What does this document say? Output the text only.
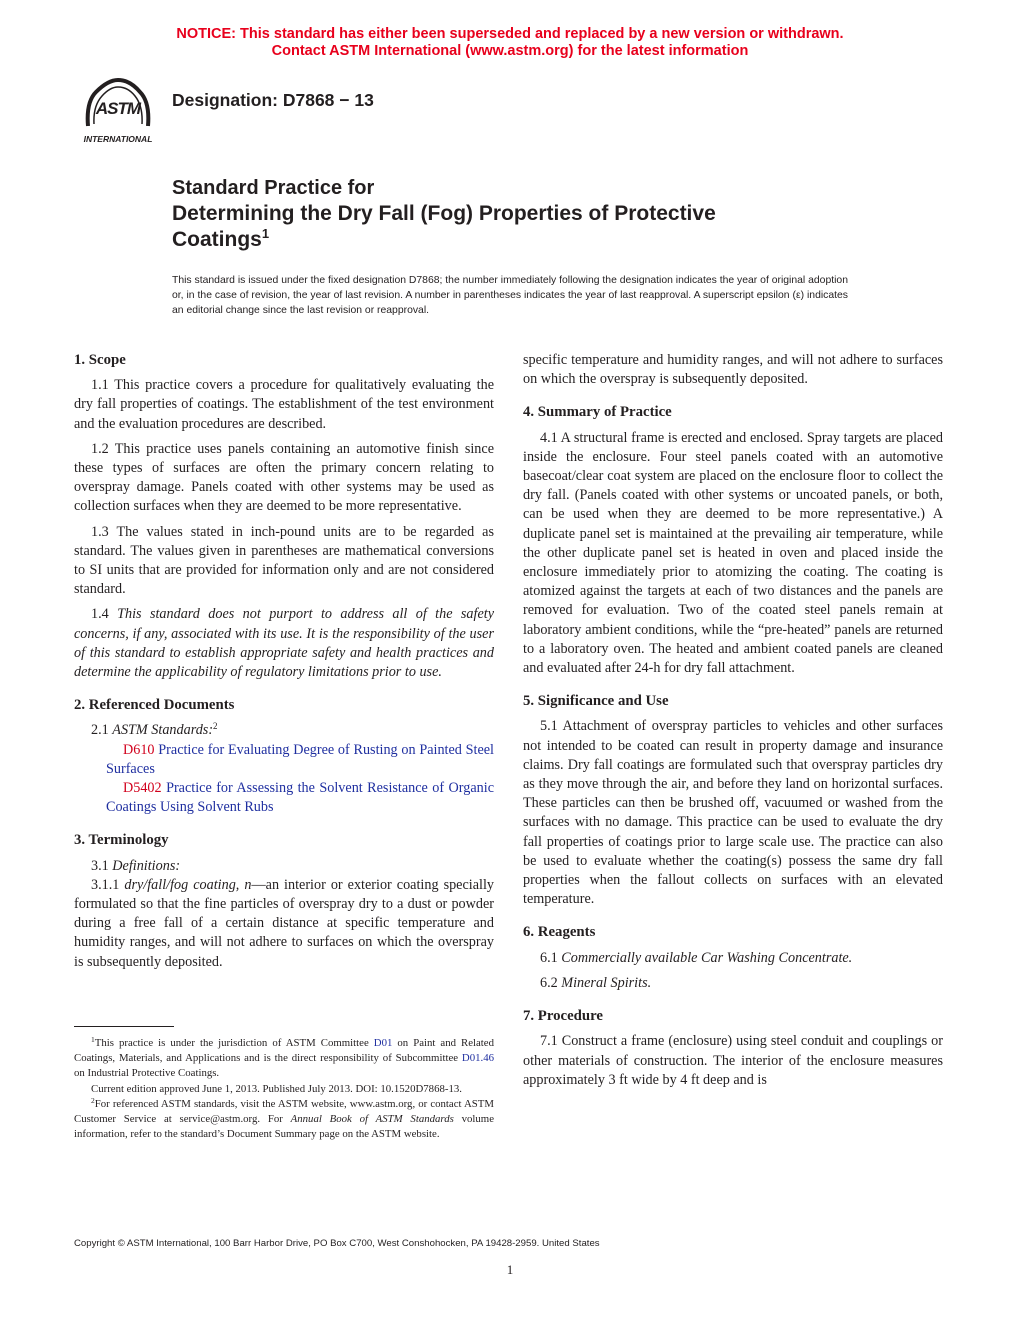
NOTICE: This standard has either been superseded and replaced by a new version or withdrawn.
Contact ASTM International (www.astm.org) for the latest information
ASTM
INTERNATIONAL
Designation: D7868 − 13
Standard Practice for
Determining the Dry Fall (Fog) Properties of Protective
Coatings$^1$
This standard is issued under the fixed designation D7868; the number immediately following the designation indicates the year of original adoption or, in the case of revision, the year of last revision. A number in parentheses indicates the year of last reapproval. A superscript epsilon (ε) indicates an editorial change since the last revision or reapproval.
1. Scope

1.1 This practice covers a procedure for qualitatively evaluating the dry fall properties of coatings. The establishment of the test environment and the evaluation procedures are described.

1.2 This practice uses panels containing an automotive finish since these types of surfaces are often the primary concern relating to overspray damage. Panels coated with other systems may be used as collection surfaces when they are deemed to be more representative.

1.3 The values stated in inch-pound units are to be regarded as standard. The values given in parentheses are mathematical conversions to SI units that are provided for information only and are not considered standard.

1.4 This standard does not purport to address all of the safety concerns, if any, associated with its use. It is the responsibility of the user of this standard to establish appropriate safety and health practices and determine the applicability of regulatory limitations prior to use.

2. Referenced Documents

2.1 ASTM Standards:$^2$

D610 Practice for Evaluating Degree of Rusting on Painted Steel Surfaces

D5402 Practice for Assessing the Solvent Resistance of Organic Coatings Using Solvent Rubs

3. Terminology

3.1 Definitions:

3.1.1 dry/fall/fog coating, n—an interior or exterior coating specially formulated so that the fine particles of overspray dry to a dust or powder during a free fall of a certain distance at specific temperature and humidity ranges, and will not adhere to surfaces on which the overspray is subsequently deposited.

specific temperature and humidity ranges, and will not adhere to surfaces on which the overspray is subsequently deposited.

4. Summary of Practice

4.1 A structural frame is erected and enclosed. Spray targets are placed inside the enclosure. Four steel panels coated with an automotive basecoat/clear coat system are placed on the enclosure floor to collect the dry fall. (Panels coated with other systems or uncoated panels, or both, can be used when they are deemed to be more representative.) A duplicate panel set is maintained at the prevailing air temperature, while the other duplicate panel set is heated in oven and placed inside the enclosure immediately prior to atomizing the coating. The coating is atomized against the targets at each of two distances and the panels are removed for evaluation. Two of the coated steel panels remain at laboratory ambient conditions, while the “pre-heated” panels are returned to a laboratory oven. The heated and ambient coated panels are cleaned and evaluated after 24-h for dry fall attachment.

5. Significance and Use

5.1 Attachment of overspray particles to vehicles and other surfaces not intended to be coated can result in property damage and insurance claims. Dry fall coatings are formulated such that overspray particles dry as they move through the air, and before they land on horizontal surfaces. These particles can then be brushed off, vacuumed or washed from the surfaces with no damage. This practice can be used to evaluate the dry fall properties of coatings prior to large scale use. The practice can also be used to evaluate whether the coating(s) possess the same dry fall properties when the fallout collects on surfaces with an elevated temperature.

6. Reagents

6.1 Commercially available Car Washing Concentrate.

6.2 Mineral Spirits.

7. Procedure

7.1 Construct a frame (enclosure) using steel conduit and couplings or other materials of construction. The interior of the enclosure measures approximately 3 ft wide by 4 ft deep and is

$^1$This practice is under the jurisdiction of ASTM Committee D01 on Paint and Related Coatings, Materials, and Applications and is the direct responsibility of Subcommittee D01.46 on Industrial Protective Coatings.

Current edition approved June 1, 2013. Published July 2013. DOI: 10.1520D7868-13.

$^2$For referenced ASTM standards, visit the ASTM website, www.astm.org, or contact ASTM Customer Service at service@astm.org. For Annual Book of ASTM Standards volume information, refer to the standard’s Document Summary page on the ASTM website.

Copyright © ASTM International, 100 Barr Harbor Drive, PO Box C700, West Conshohocken, PA 19428-2959. United States
1
